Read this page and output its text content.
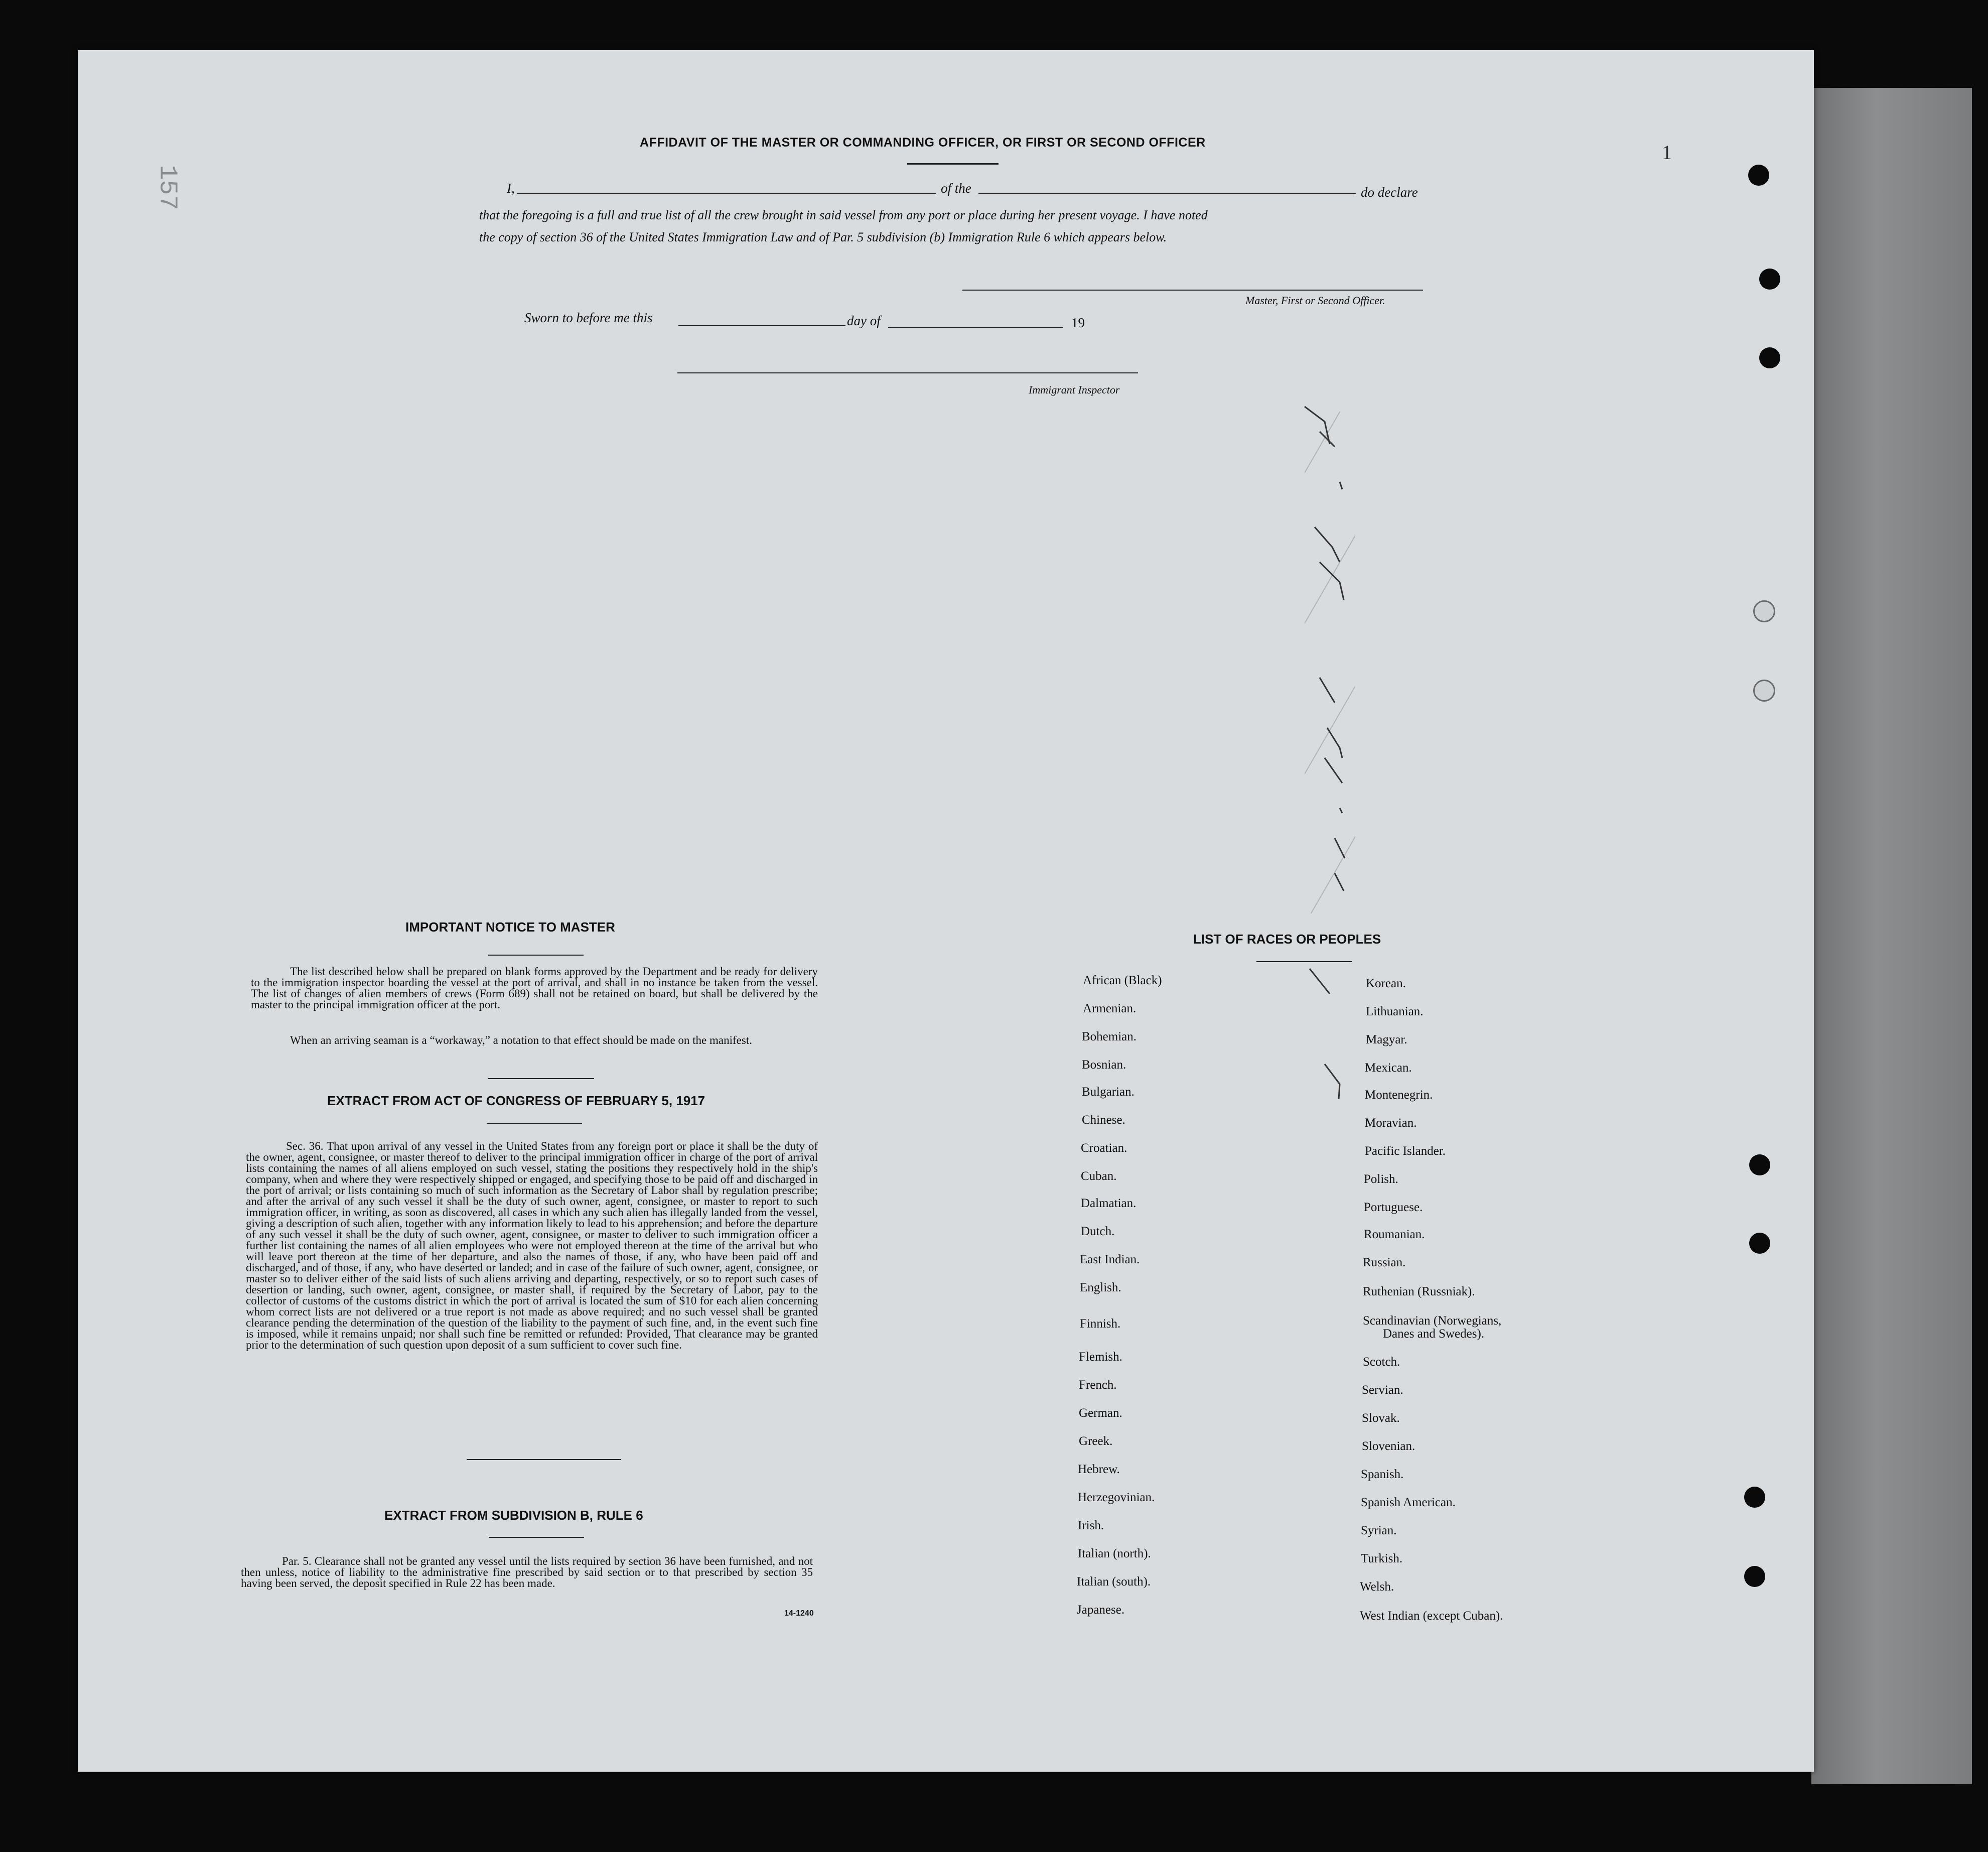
157
1
AFFIDAVIT OF THE MASTER OR COMMANDING OFFICER, OR FIRST OR SECOND OFFICER
I,	of the	do declare
that the foregoing is a full and true list of all the crew brought in said vessel from any port or place during her present voyage. I have noted
the copy of section 36 of the United States Immigration Law and of Par. 5 subdivision (b) Immigration Rule 6 which appears below.
Master, First or Second Officer.
Sworn to before me this	day of	19
Immigrant Inspector
IMPORTANT NOTICE TO MASTER
The list described below shall be prepared on blank forms approved by the Department and be ready for delivery to the immigration inspector boarding the vessel at the port of arrival, and shall in no instance be taken from the vessel. The list of changes of alien members of crews (Form 689) shall not be retained on board, but shall be delivered by the master to the principal immigration officer at the port.
When an arriving seaman is a “workaway,” a notation to that effect should be made on the manifest.
EXTRACT FROM ACT OF CONGRESS OF FEBRUARY 5, 1917
Sec. 36. That upon arrival of any vessel in the United States from any foreign port or place it shall be the duty of the owner, agent, consignee, or master thereof to deliver to the principal immigration officer in charge of the port of arrival lists containing the names of all aliens employed on such vessel, stating the positions they respectively hold in the ship's company, when and where they were respectively shipped or engaged, and specifying those to be paid off and discharged in the port of arrival; or lists containing so much of such information as the Secretary of Labor shall by regulation prescribe; and after the arrival of any such vessel it shall be the duty of such owner, agent, consignee, or master to report to such immigration officer, in writing, as soon as discovered, all cases in which any such alien has illegally landed from the vessel, giving a description of such alien, together with any information likely to lead to his apprehension; and before the departure of any such vessel it shall be the duty of such owner, agent, consignee, or master to deliver to such immigration officer a further list containing the names of all alien employees who were not employed thereon at the time of the arrival but who will leave port thereon at the time of her departure, and also the names of those, if any, who have been paid off and discharged, and of those, if any, who have deserted or landed; and in case of the failure of such owner, agent, consignee, or master so to deliver either of the said lists of such aliens arriving and departing, respectively, or so to report such cases of desertion or landing, such owner, agent, consignee, or master shall, if required by the Secretary of Labor, pay to the collector of customs of the customs district in which the port of arrival is located the sum of $10 for each alien concerning whom correct lists are not delivered or a true report is not made as above required; and no such vessel shall be granted clearance pending the determination of the question of the liability to the payment of such fine, and, in the event such fine is imposed, while it remains unpaid; nor shall such fine be remitted or refunded: Provided, That clearance may be granted prior to the determination of such question upon deposit of a sum sufficient to cover such fine.
EXTRACT FROM SUBDIVISION B, RULE 6
Par. 5. Clearance shall not be granted any vessel until the lists required by section 36 have been furnished, and not then unless, notice of liability to the administrative fine prescribed by said section or to that prescribed by section 35 having been served, the deposit specified in Rule 22 has been made.
14-1240
LIST OF RACES OR PEOPLES
African (Black)
Armenian.
Bohemian.
Bosnian.
Bulgarian.
Chinese.
Croatian.
Cuban.
Dalmatian.
Dutch.
East Indian.
English.
Finnish.
Flemish.
French.
German.
Greek.
Hebrew.
Herzegovinian.
Irish.
Italian (north).
Italian (south).
Japanese.
Korean.
Lithuanian.
Magyar.
Mexican.
Montenegrin.
Moravian.
Pacific Islander.
Polish.
Portuguese.
Roumanian.
Russian.
Ruthenian (Russniak).
Scandinavian (Norwegians,
Danes and Swedes).
Scotch.
Servian.
Slovak.
Slovenian.
Spanish.
Spanish American.
Syrian.
Turkish.
Welsh.
West Indian (except Cuban).
